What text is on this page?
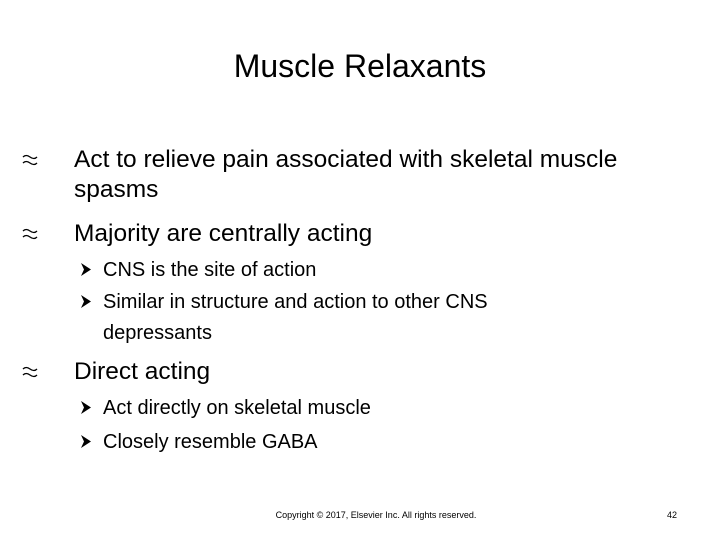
Muscle Relaxants
Act to relieve pain associated with skeletal muscle spasms
Majority are centrally acting
CNS is the site of action
Similar in structure and action to other CNS depressants
Direct acting
Act directly on skeletal muscle
Closely resemble GABA
Copyright © 2017, Elsevier Inc. All rights reserved.	42
